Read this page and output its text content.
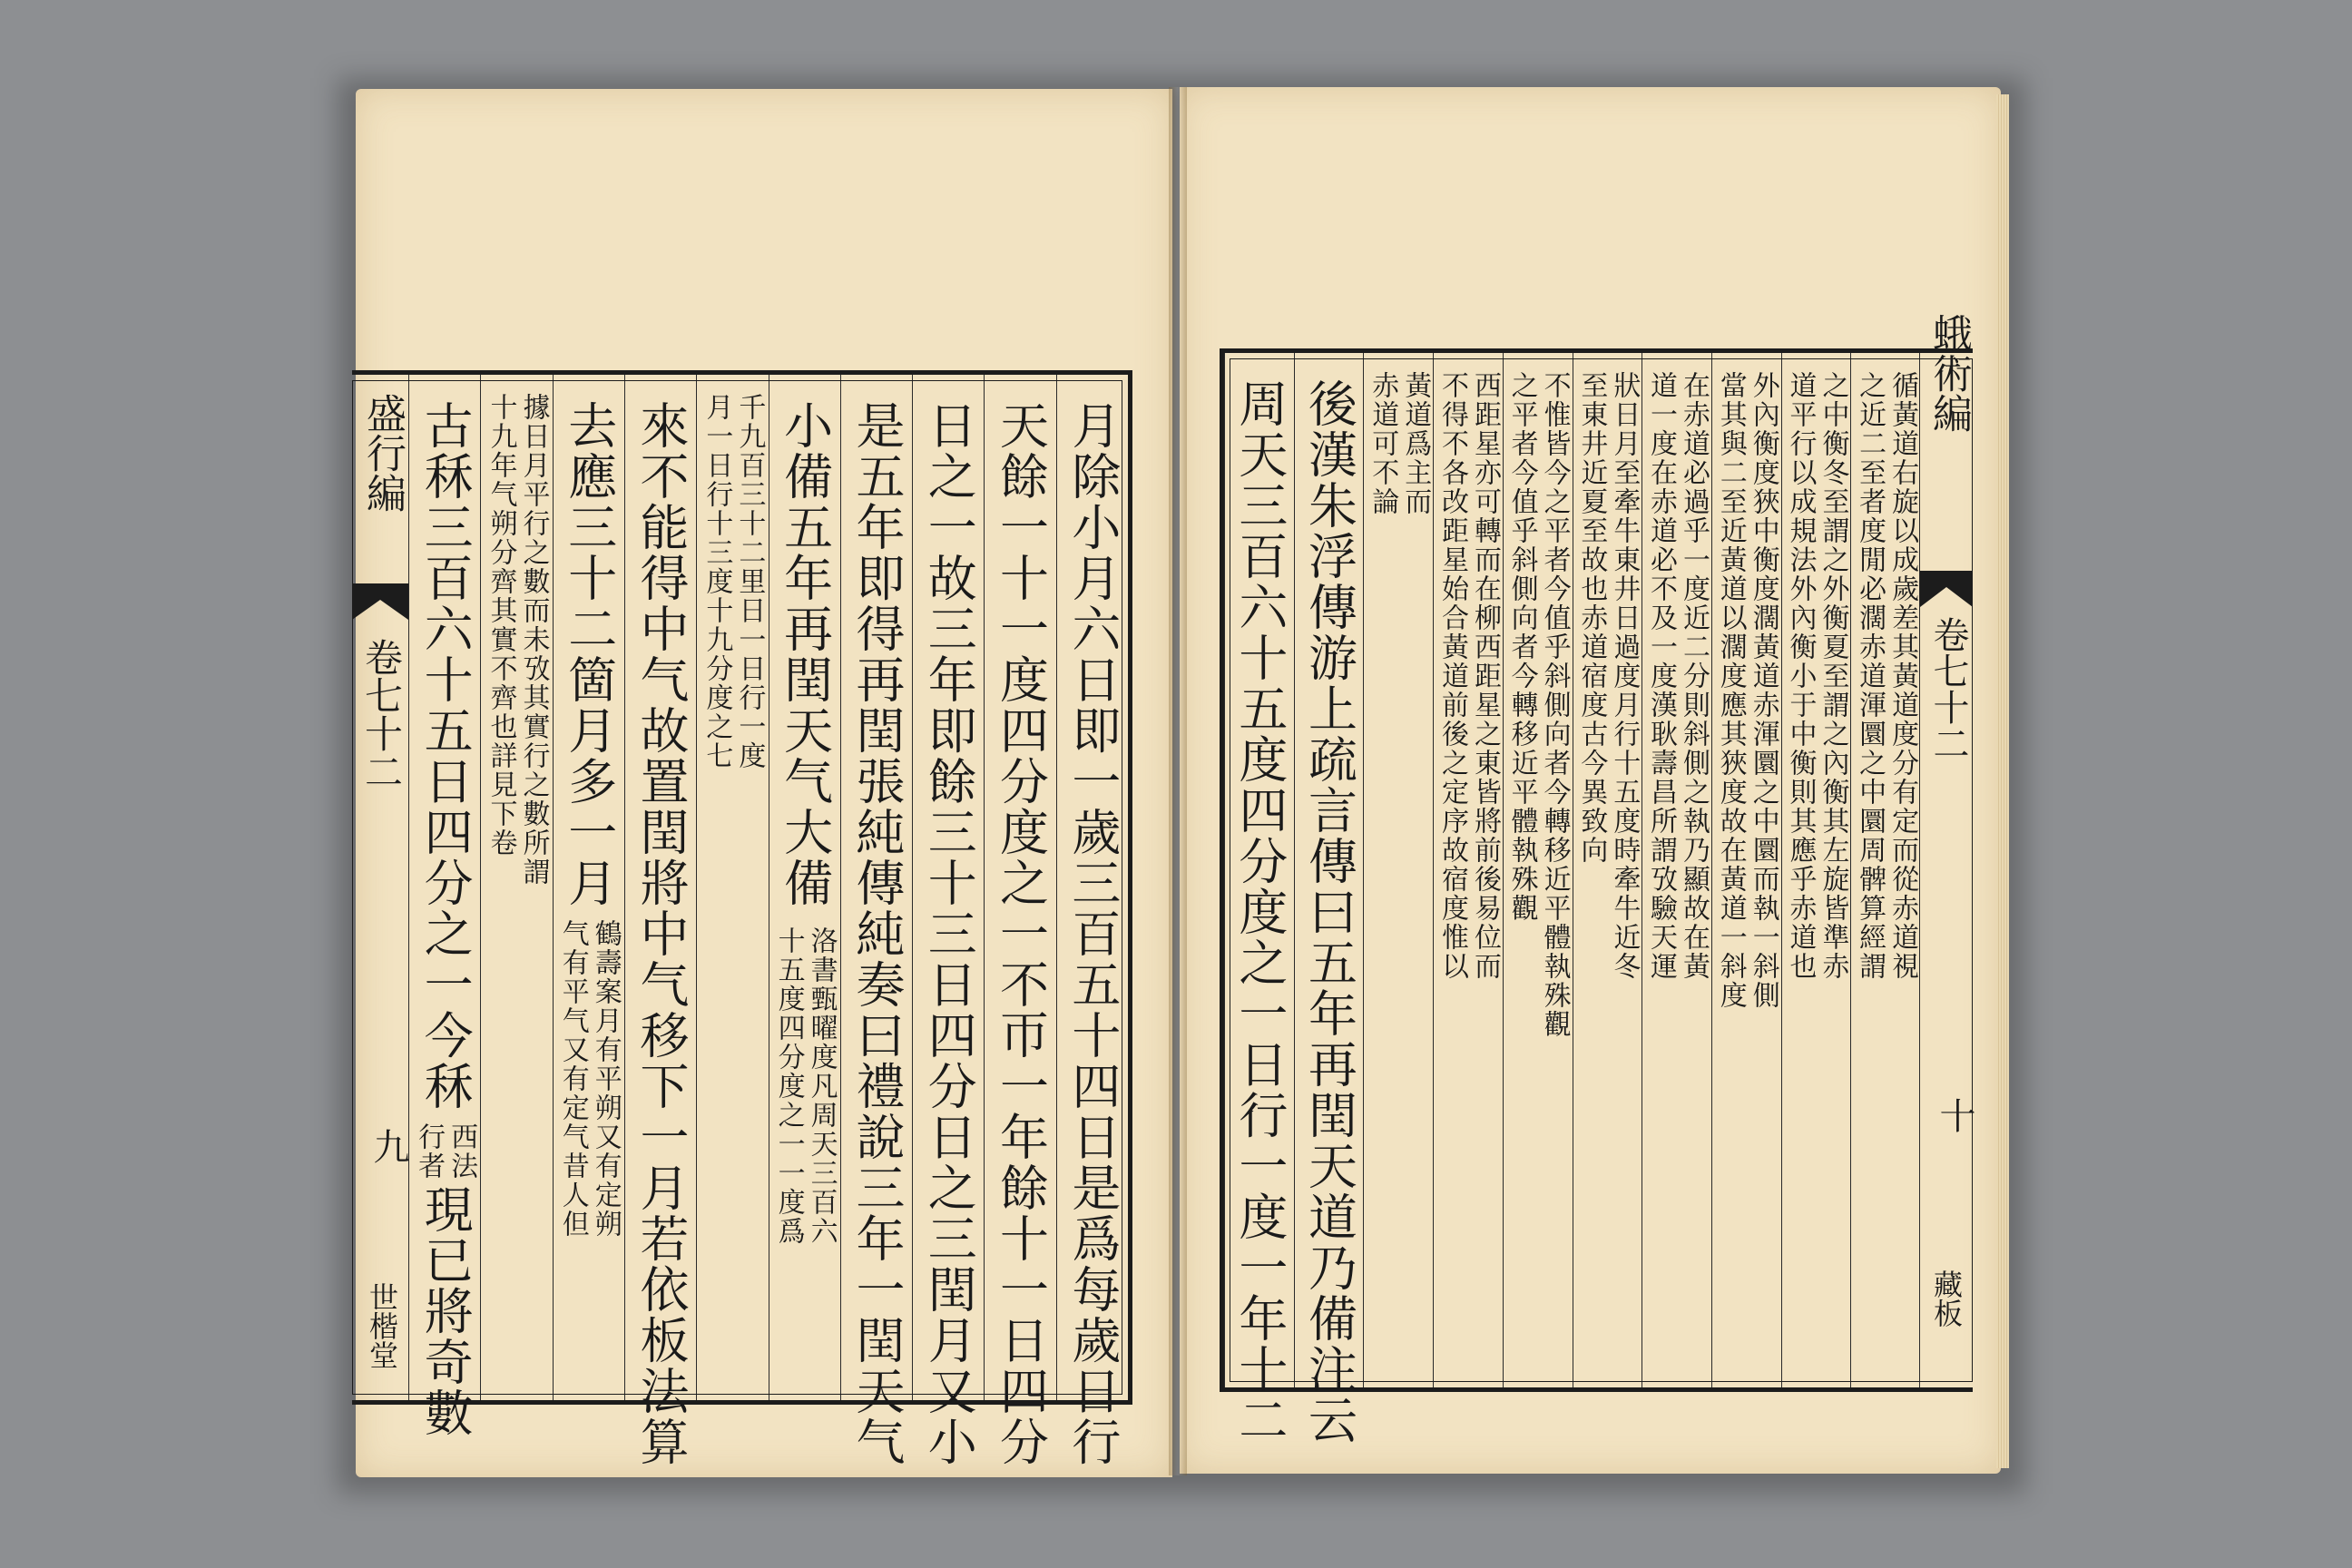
盛行編
卷七十二
九
世楷堂	月除小月六日即一歲三百五十四日是爲每歲日行
天餘一十一度四分度之一不帀一年餘十一日四分
日之一故三年即餘三十三日四分日之三閏月又小
是五年即得再閏張純傳純奏曰禮說三年一閏天气
小備五年再閏天气大備
洛書甄曜度凡周天三百六
十五度四分度之一一度爲
千九百三十二里日一日行一度
月一日行十三度十九分度之七
來不能得中气故置閏將中气移下一月若依板法算
去應三十二箇月多一月
鶴壽案月有平朔又有定朔
气有平气又有定气昔人但
據日月平行之數而未攷其實行之數所謂
十九年气朔分齊其實不齊也詳見下卷
古秝三百六十五日四分之一今秝
西法
行者
現已將奇數
循黃道右旋以成歲差其黃道度分有定而從赤道視
之近二至者度閒必濶赤道渾圜之中圜周髀算經謂
之中衡冬至謂之外衡夏至謂之內衡其左旋皆準赤
道平行以成規法外內衡小于中衡則其應乎赤道也
外內衡度狹中衡度濶黃道赤渾圜之中圜而執一斜側
當其與二至近黃道以濶度應其狹度故在黃道一斜度
在赤道必過乎一度近二分則斜側之執乃顯故在黃
道一度在赤道必不及一度漢耿壽昌所謂攷驗天運
狀日月至牽牛東井日過度月行十五度時牽牛近冬
至東井近夏至故也赤道宿度古今異致向
不惟皆今之平者今值乎斜側向者今轉移近平體執殊觀
之平者今值乎斜側向者今轉移近平體執殊觀
西距星亦可轉而在柳西距星之東皆將前後易位而
不得不各改距星始合黃道前後之定序故宿度惟以
黃道爲主而
赤道可不論
後漢朱浮傳游上疏言傳曰五年再閏天道乃備注云
周天三百六十五度四分度之一日行一度一年十二
蛾術編
卷七十二
十
藏板
